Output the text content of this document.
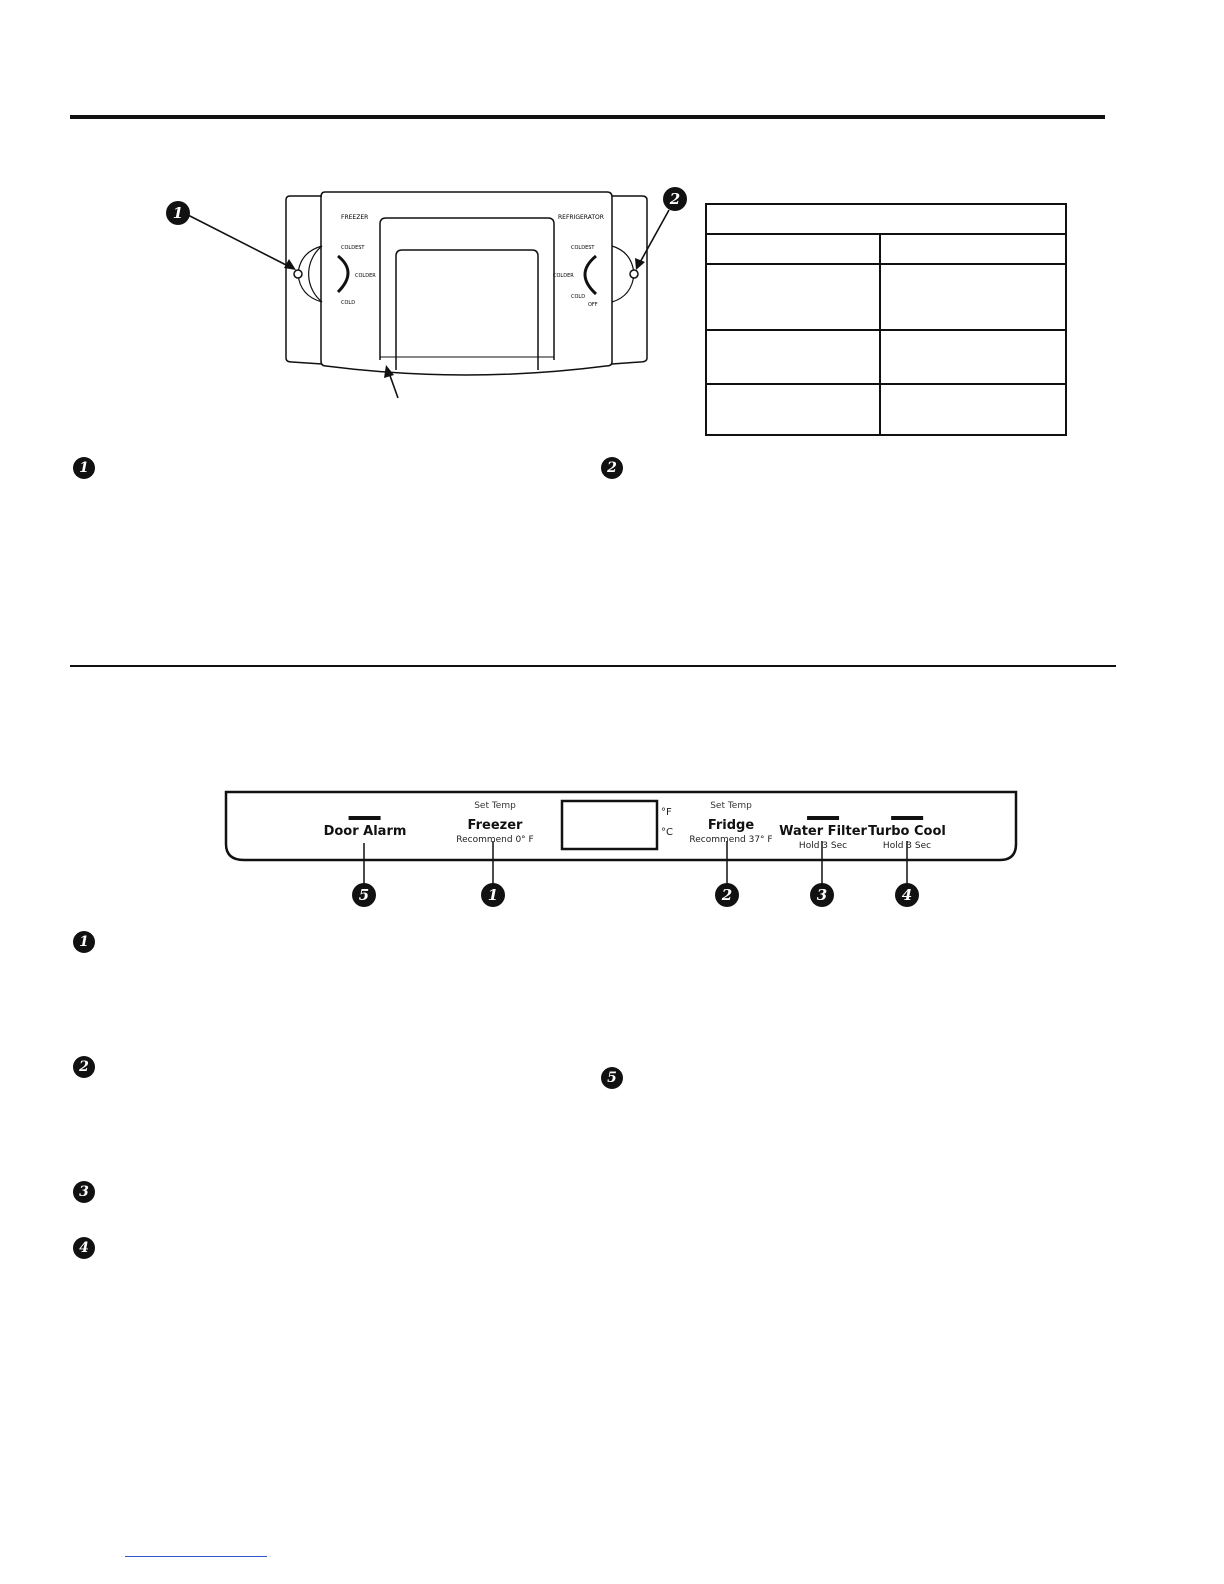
FREEZER	REFRIGERATOR
COLDEST
COLDER
COLD
COLDEST
COLDER
COLD
OFF
1
2
1	2
Door Alarm
Set Temp
Freezer
Recommend 0° F
°F
°C
Set Temp
Fridge
Recommend 37° F
Water Filter
Hold 3 Sec
Turbo Cool
Hold 3 Sec
5	1	2	3	4
1
2
3
4
5
